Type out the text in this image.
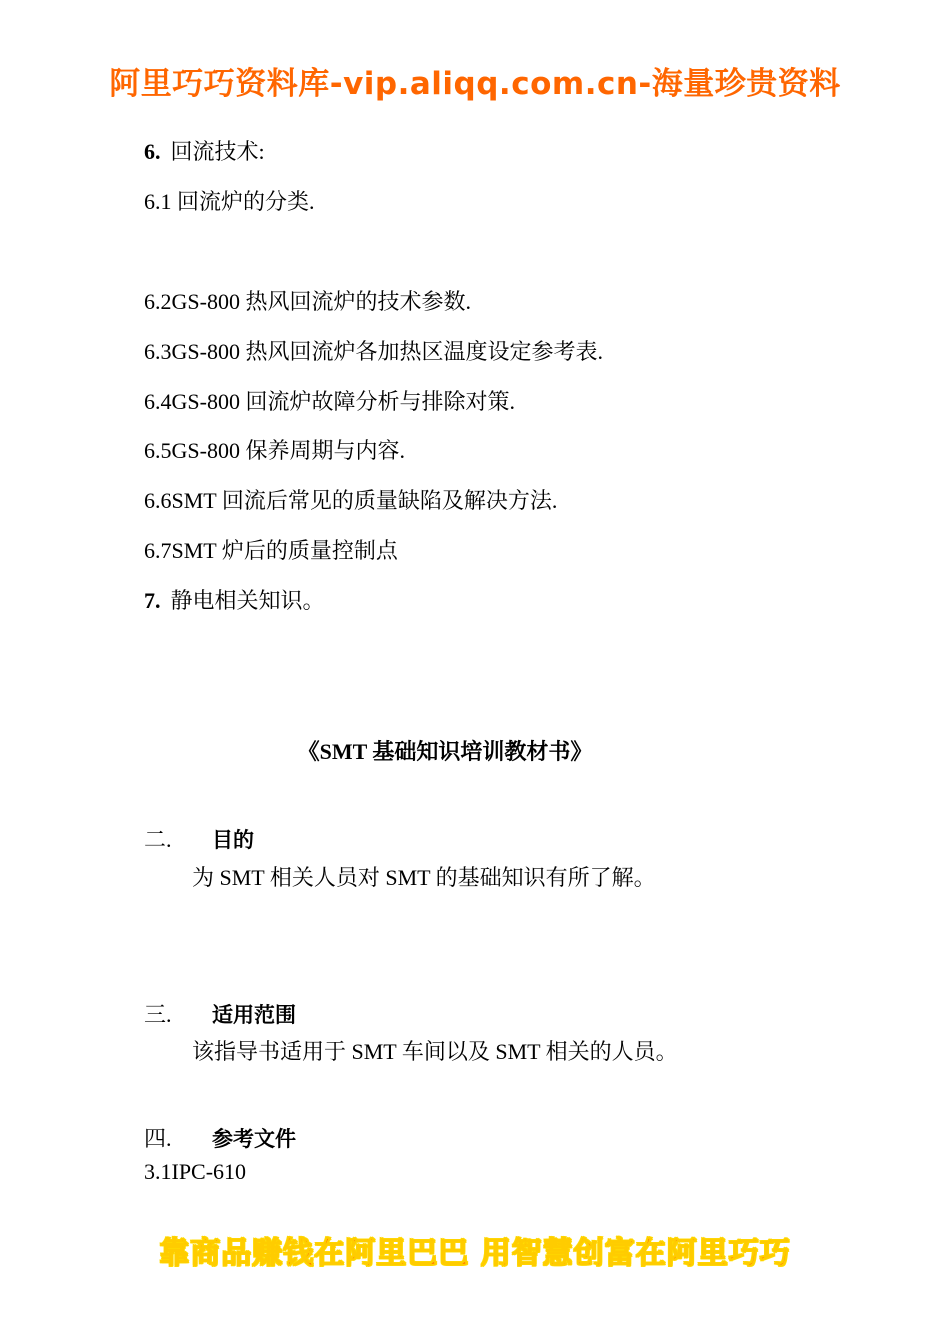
阿里巧巧资料库-vip.aliqq.com.cn-海量珍贵资料
6. 回流技术:
6.1 回流炉的分类.
6.2GS-800 热风回流炉的技术参数.
6.3GS-800 热风回流炉各加热区温度设定参考表.
6.4GS-800 回流炉故障分析与排除对策.
6.5GS-800 保养周期与内容.
6.6SMT 回流后常见的质量缺陷及解决方法.
6.7SMT 炉后的质量控制点
7. 静电相关知识。
《SMT 基础知识培训教材书》
二. 目的
为 SMT 相关人员对 SMT 的基础知识有所了解。
三. 适用范围
该指导书适用于 SMT 车间以及 SMT 相关的人员。
四. 参考文件
3.1IPC-610
靠商品赚钱在阿里巴巴 用智慧创富在阿里巧巧
